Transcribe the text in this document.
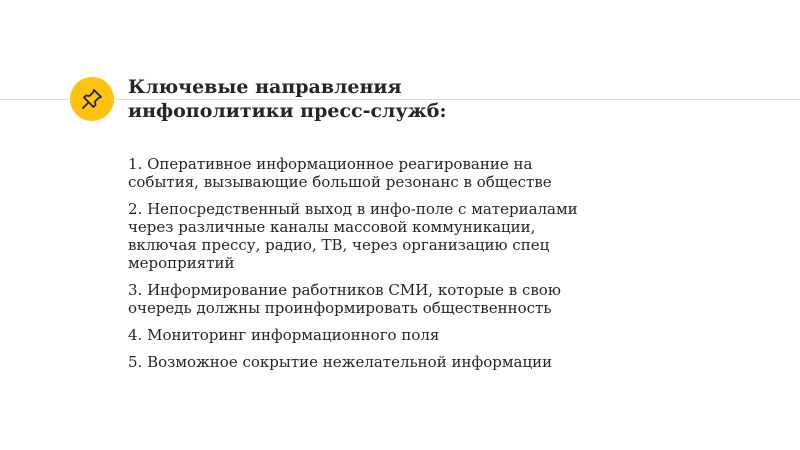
Ключевые направления
инфополитики пресс-служб:
1. Оперативное информационное реагирование на события, вызывающие большой резонанс в обществе
2. Непосредственный выход в инфо-поле с материалами через различные каналы массовой коммуникации, включая прессу, радио, ТВ, через организацию спец мероприятий
3. Информирование работников СМИ, которые в свою очередь должны проинформировать общественность
4. Мониторинг информационного поля
5. Возможное сокрытие нежелательной информации
